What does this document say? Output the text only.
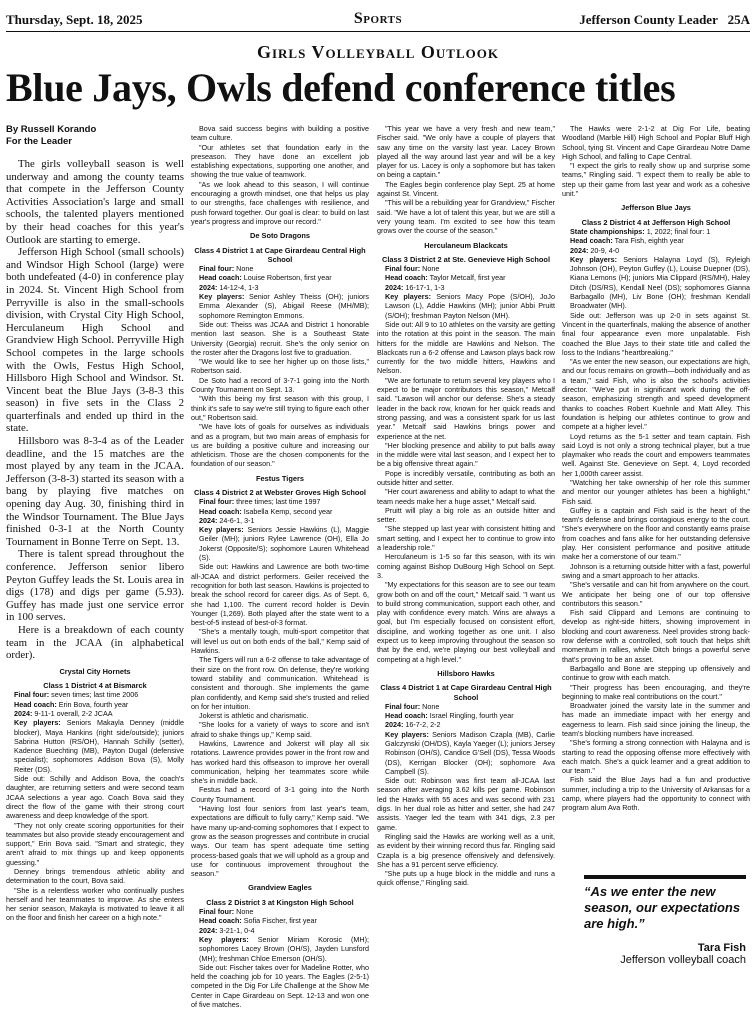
Thursday, Sept. 18, 2025	Sports	Jefferson County Leader 25A
Girls Volleyball Outlook
Blue Jays, Owls defend conference titles
By Russell Korando
For the Leader

The girls volleyball season is well underway and among the county teams that compete in the Jefferson County Activities Association's large and small schools, the talented players mentioned by their head coaches for this year's Outlook are starting to emerge.

Jefferson High School (small schools) and Windsor High School (large) were both undefeated (4-0) in conference play in 2024. St. Vincent High School from Perryville is also in the small-schools division, with Crystal City High School, Herculaneum High School and Grandview High School. Perryville High School competes in the large schools with the Owls, Festus High School, Hillsboro High School and Windsor. St. Vincent beat the Blue Jays (3-8-3 this season) in five sets in the Class 2 quarterfinals and ended up third in the state.

Hillsboro was 8-3-4 as of the Leader deadline, and the 15 matches are the most played by any team in the JCAA. Jefferson (3-8-3) started its season with a bang by playing five matches on opening day Aug. 30, finishing third in the Windsor Tournament. The Blue Jays finished 0-3-1 at the North County Tournament in Bonne Terre on Sept. 13.

There is talent spread throughout the conference. Jefferson senior libero Peyton Guffey leads the St. Louis area in digs (178) and digs per game (5.93). Guffey has made just one service error in 100 serves.

Here is a breakdown of each county team in the JCAA (in alphabetical order).

Crystal City Hornets
Class 1 District 4 at Bismarck

Final four: seven times; last time 2006

Head coach: Erin Bova, fourth year

2024: 9-11-1 overall, 2-2 JCAA

Key players: Seniors Makayla Denney (middle blocker), Maya Hankins (right side/outside); juniors Sabrina Hutton (RS/OH), Hannah Schilly (setter), Kadence Buechting (MB), Payton Dugal (defensive specialist); sophomores Addison Bova (S), Molly Reiter (DS).

Side out: Schilly and Addison Bova, the coach's daughter, are returning setters and were second team JCAA selections a year ago. Coach Bova said they direct the flow of the game with their strong court awareness and deep knowledge of the sport.

"They not only create scoring opportunities for their teammates but also provide steady encouragement and support," Erin Bova said. "Smart and strategic, they aren't afraid to mix things up and keep opponents guessing."

Denney brings tremendous athletic ability and determination to the court, Bova said.

"She is a relentless worker who continually pushes herself and her teammates to improve. As she enters her senior season, Makayla is motivated to leave it all on the floor and finish her career on a high note."

Bova said success begins with building a positive team culture.

"Our athletes set that foundation early in the preseason. They have done an excellent job establishing expectations, supporting one another, and showing the true value of teamwork.

"As we look ahead to this season, I will continue encouraging a growth mindset, one that helps us play to our strengths, face challenges with resilience, and push forward together. Our goal is clear: to build on last year's progress and improve our record."

De Soto Dragons
Class 4 District 1 at Cape Girardeau Central High School

Final four: None

Head coach: Louise Robertson, first year

2024: 14-12-4, 1-3

Key players: Senior Ashley Theiss (OH); juniors Emma Alexander (S), Abigail Reese (MH/MB); sophomore Remington Emmons.

Side out: Theiss was JCAA and District 1 honorable mention last season. She is a Southeast State University (Georgia) recruit. She's the only senior on the roster after the Dragons lost five to graduation.

"We would like to see her higher up on those lists," Robertson said.

De Soto had a record of 3-7-1 going into the North County Tournament on Sept. 13.

"With this being my first season with this group, I think it's safe to say we're still trying to figure each other out," Robertson said.

"We have lots of goals for ourselves as individuals and as a program, but two main areas of emphasis for us are building a positive culture and increasing our athleticism. Those are the chosen components for the foundation of our season."

Festus Tigers
Class 4 District 2 at Webster Groves High School

Final four: three times; last time 1997

Head coach: Isabella Kemp, second year

2024: 24-6-1, 3-1

Key players: Seniors Jessie Hawkins (L), Maggie Geiler (MH); juniors Rylee Lawrence (OH), Ella Jo Jokerst (Opposite/S); sophomore Lauren Whitehead (S).

Side out: Hawkins and Lawrence are both two-time all-JCAA and district performers. Geiler received the recognition for both last season. Hawkins is projected to break the school record for career digs. As of Sept. 6, she had 1,100. The current record holder is Devin Younger (1,269). Both played after the state went to a best-of-5 instead of best-of-3 format.

"She's a mentally tough, multi-sport competitor that will level us out on both ends of the ball," Kemp said of Hawkins.

The Tigers will run a 6-2 offense to take advantage of their size on the front row. On defense, they're working toward stability and communication. Whitehead is consistent and thorough. She implements the game plan confidently, and Kemp said she's trusted and relied on for her intuition.

Jokerst is athletic and charismatic.

"She looks for a variety of ways to score and isn't afraid to shake things up," Kemp said.

Hawkins, Lawrence and Jokerst will play all six rotations. Lawrence provides power in the front row and has worked hard this offseason to improve her overall communication, helping her teammates score while she's in middle back.

Festus had a record of 3-1 going into the North County Tournament.

"Having lost four seniors from last year's team, expectations are difficult to fully carry," Kemp said. "We have many up-and-coming sophomores that I expect to grow as the season progresses and contribute in crucial ways. Our team has spent adequate time setting process-based goals that we will uphold as a group and use for continuous improvement throughout the season."

Grandview Eagles
Class 2 District 3 at Kingston High School

Final four: None

Head coach: Sofia Fischer, first year

2024: 3-21-1, 0-4

Key players: Senior Miriam Korosic (MH); sophomores Lacey Brown (OH/S), Jayden Lunsford (MH); freshman Chloe Emerson (OH/S).

Side out: Fischer takes over for Madeline Rotter, who held the coaching job for 10 years. The Eagles (2-5-1) competed in the Dig For Life Challenge at the Show Me Center in Cape Girardeau on Sept. 12-13 and won one of five matches.

"This year we have a very fresh and new team," Fischer said. "We only have a couple of players that saw any time on the varsity last year. Lacey Brown played all the way around last year and will be a key player for us. Lacey is only a sophomore but has taken on being a captain."

The Eagles begin conference play Sept. 25 at home against St. Vincent.

"This will be a rebuilding year for Grandview," Fischer said. "We have a lot of talent this year, but we are still a very young team. I'm excited to see how this team grows over the course of the season."

Herculaneum Blackcats
Class 3 District 2 at Ste. Genevieve High School

Final four: None

Head coach: Taylor Metcalf, first year

2024: 16-17-1, 1-3

Key players: Seniors Macy Pope (S/OH), JoJo Lawson (L), Addie Hawkins (MH); junior Abbi Pruitt (S/OH); freshman Payton Nelson (MH).

Side out: All 9 to 10 athletes on the varsity are getting into the rotation at this point in the season. The main hitters for the middle are Hawkins and Nelson. The Blackcats run a 6-2 offense and Lawson plays back row currently for the two middle hitters, Hawkins and Nelson.

"We are fortunate to return several key players who I expect to be major contributors this season," Metcalf said. "Lawson will anchor our defense. She's a steady leader in the back row, known for her quick reads and strong passing, and was a consistent spark for us last year." Metcalf said Hawkins brings power and experience at the net.

"Her blocking presence and ability to put balls away in the middle were vital last season, and I expect her to be a big offensive threat again."

Pope is incredibly versatile, contributing as both an outside hitter and setter.

"Her court awareness and ability to adapt to what the team needs make her a huge asset," Metcalf said.

Pruitt will play a big role as an outside hitter and setter.

"She stepped up last year with consistent hitting and smart setting, and I expect her to continue to grow into a leadership role."

Herculaneum is 1-5 so far this season, with its win coming against Bishop DuBourg High School on Sept. 3.

"My expectations for this season are to see our team grow both on and off the court," Metcalf said. "I want us to build strong communication, support each other, and play with confidence every match. Wins are always a goal, but I'm especially focused on consistent effort, discipline, and working together as one unit. I also expect us to keep improving throughout the season so that by the end, we're playing our best volleyball and competing at a high level."

Hillsboro Hawks
Class 4 District 1 at Cape Girardeau Central High School

Final four: None

Head coach: Israel Ringling, fourth year

2024: 16-7-2, 2-2

Key players: Seniors Madison Czapla (MB), Carlie Galczynski (OH/DS), Kayla Yaeger (L); juniors Jersey Robinson (OH/S), Candice G'Sell (DS), Tessa Woods (DS), Kerrigan Blocker (OH); sophomore Ava Campbell (S).

Side out: Robinson was first team all-JCAA last season after averaging 3.62 kills per game. Robinson led the Hawks with 55 aces and was second with 231 digs. In her dual role as hitter and setter, she had 247 assists. Yaeger led the team with 341 digs, 2.3 per game.

Ringling said the Hawks are working well as a unit, as evident by their winning record thus far. Ringling said Czapla is a big presence offensively and defensively. She has a 91 percent serve efficiency.

"She puts up a huge block in the middle and runs a quick offense," Ringling said.

The Hawks were 2-1-2 at Dig For Life, beating Woodland (Marble Hill) High School and Poplar Bluff High School, tying St. Vincent and Cape Girardeau Notre Dame High School, and falling to Cape Central.

"I expect the girls to really show up and surprise some teams," Ringling said. "I expect them to really be able to step up their game from last year and work as a cohesive unit."

Jefferson Blue Jays
Class 2 District 4 at Jefferson High School

State championships: 1, 2022; final four: 1

Head coach: Tara Fish, eighth year

2024: 20-9, 4-0

Key players: Seniors Halayna Loyd (S), Ryleigh Johnson (OH), Peyton Guffey (L), Louise Duepner (DS), Kiana Lemons (H); juniors Mia Clippard (RS/MH), Haley Ditch (DS/RS), Kendall Neel (DS); sophomores Gianna Barbagallo (MH), Liv Bone (OH); freshman Kendall Broadwater (MH).

Side out: Jefferson was up 2-0 in sets against St. Vincent in the quarterfinals, making the absence of another final four appearance even more unpalatable. Fish coached the Blue Jays to their state title and called the loss to the Indians "heartbreaking."

"As we enter the new season, our expectations are high, and our focus remains on growth—both individually and as a team," said Fish, who is also the school's activities director. "We've put in significant work during the off-season, emphasizing strength and speed development thanks to coaches Robert Kuehnle and Matt Alley. This foundation is helping our athletes continue to grow and compete at a higher level."

Loyd returns as the 5-1 setter and team captain. Fish said Loyd is not only a strong technical player, but a true playmaker who reads the court and empowers teammates well. Against Ste. Genevieve on Sept. 4, Loyd recorded her 1,000th career assist.

"Watching her take ownership of her role this summer and mentor our younger athletes has been a highlight," Fish said.

Guffey is a captain and Fish said is the heart of the team's defense and brings contagious energy to the court. "She's everywhere on the floor and constantly earns praise from coaches and fans alike for her outstanding defensive play. Her consistent performance and positive attitude make her a cornerstone of our team."

Johnson is a returning outside hitter with a fast, powerful swing and a smart approach to her attacks.

"She's versatile and can hit from anywhere on the court. We anticipate her being one of our top offensive contributors this season."

Fish said Clippard and Lemons are continuing to develop as right-side hitters, showing improvement in blocking and court awareness. Neel provides strong back-row defense with a controlled, soft touch that helps shift momentum in rallies, while Ditch brings a powerful serve that's proving to be an asset.

Barbagallo and Bone are stepping up offensively and continue to grow with each match.

"Their progress has been encouraging, and they're beginning to make real contributions on the court."

Broadwater joined the varsity late in the summer and has made an immediate impact with her energy and eagerness to learn. Fish said since joining the lineup, the team's blocking numbers have increased.

"She's forming a strong connection with Halayna and is starting to read the opposing offense more effectively with each match. She's a quick learner and a great addition to our team."

Fish said the Blue Jays had a fun and productive summer, including a trip to the University of Arkansas for a camp, where players had the opportunity to connect with program alum Ava Roth.

“As we enter the new season, our expectations are high.”
Tara Fish
Jefferson volleyball coach
